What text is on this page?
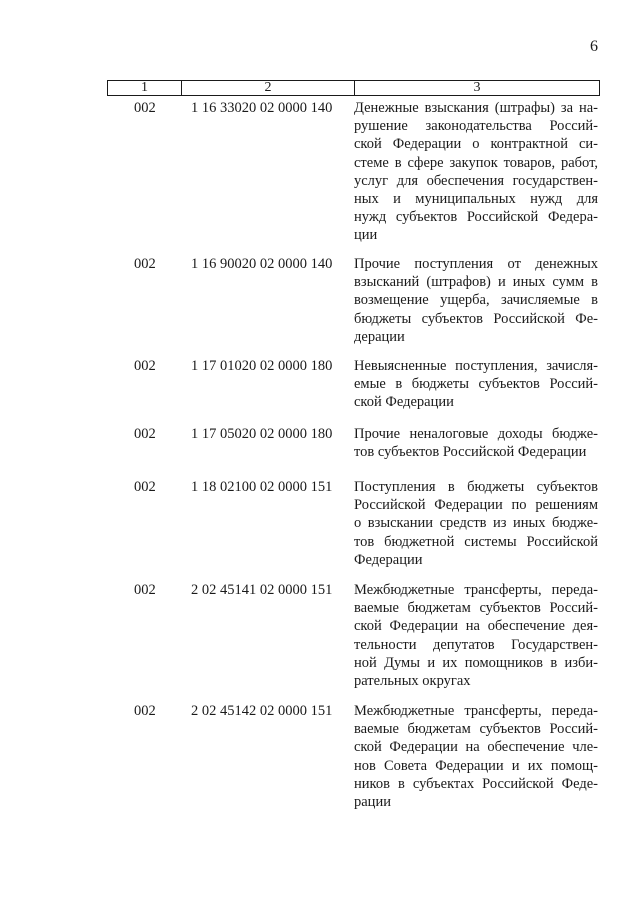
6
1	2	3
002 1 16 33020 02 0000 140 Денежные взыскания (штрафы) за на-
рушение законодательства Россий-
ской Федерации о контрактной си-
стеме в сфере закупок товаров, работ,
услуг для обеспечения государствен-
ных и муниципальных нужд для
нужд субъектов Российской Федера-
ции
002 1 16 90020 02 0000 140 Прочие поступления от денежных
взысканий (штрафов) и иных сумм в
возмещение ущерба, зачисляемые в
бюджеты субъектов Российской Фе-
дерации
002 1 17 01020 02 0000 180 Невыясненные поступления, зачисля-
емые в бюджеты субъектов Россий-
ской Федерации
002 1 17 05020 02 0000 180 Прочие неналоговые доходы бюдже-
тов субъектов Российской Федерации
002 1 18 02100 02 0000 151 Поступления в бюджеты субъектов
Российской Федерации по решениям
о взыскании средств из иных бюдже-
тов бюджетной системы Российской
Федерации
002 2 02 45141 02 0000 151 Межбюджетные трансферты, переда-
ваемые бюджетам субъектов Россий-
ской Федерации на обеспечение дея-
тельности депутатов Государствен-
ной Думы и их помощников в изби-
рательных округах
002 2 02 45142 02 0000 151 Межбюджетные трансферты, переда-
ваемые бюджетам субъектов Россий-
ской Федерации на обеспечение чле-
нов Совета Федерации и их помощ-
ников в субъектах Российской Феде-
рации
